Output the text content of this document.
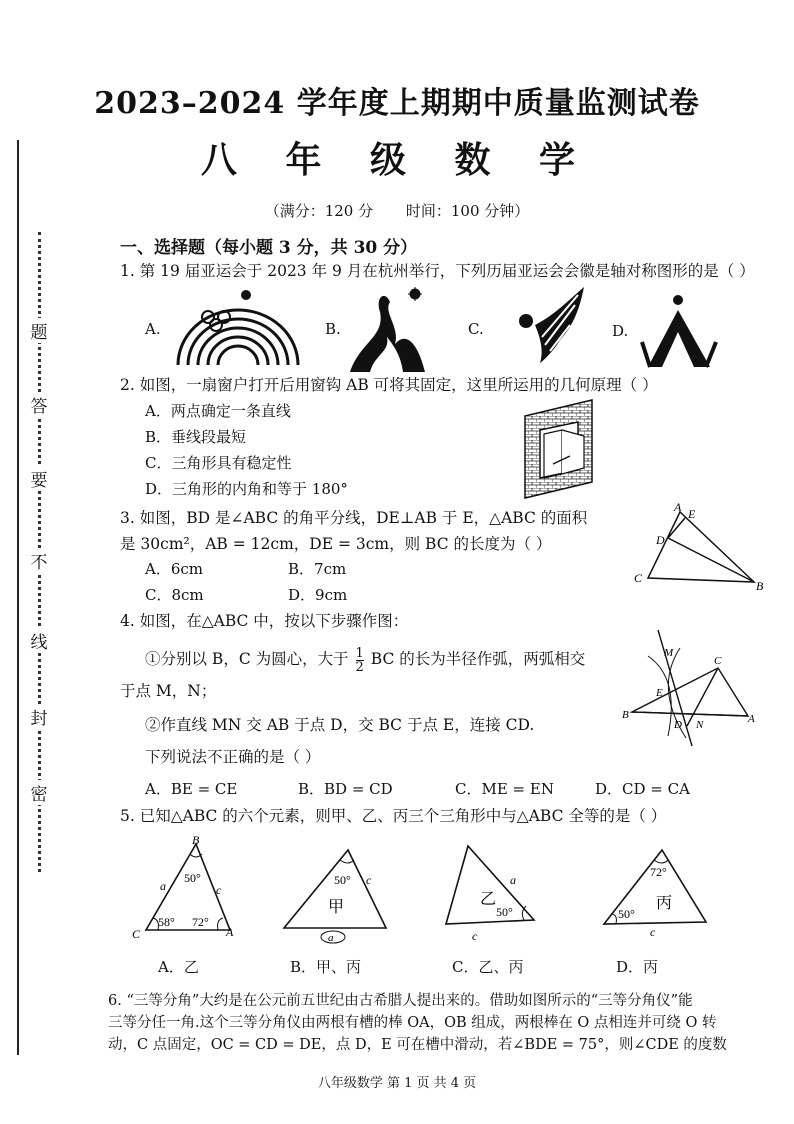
题
答
要
不
线
封
密
2023–2024 学年度上期期中质量监测试卷
八 年 级 数 学
（满分：120 分 时间：100 分钟）
一、选择题（每小题 3 分，共 30 分）
1. 第 19 届亚运会于 2023 年 9 月在杭州举行，下列历届亚运会会徽是轴对称图形的是（ ）
A.	B.	C.	D.
2. 如图，一扇窗户打开后用窗钩 AB 可将其固定，这里所运用的几何原理（ ）
A．两点确定一条直线
B．垂线段最短
C．三角形具有稳定性
D．三角形的内角和等于 180°
3. 如图，BD 是∠ABC 的角平分线，DE⊥AB 于 E，△ABC 的面积
是 30cm²，AB = 12cm，DE = 3cm，则 BC 的长度为（ ）
A．6cm	B．7cm
C．8cm	D．9cm
A E
D
C
B
4. 如图，在△ABC 中，按以下步骤作图：
①分别以 B，C 为圆心，大于 $\frac{1}{2}$ BC 的长为半径作弧，两弧相交
于点 M，N；
②作直线 MN 交 AB 于点 D，交 BC 于点 E，连接 CD.
下列说法不正确的是（ ）
A．BE = CE	B．BD = CD	C．ME = EN	D．CD = CA
M
C
E
B
D N	A
5. 已知△ABC 的六个元素，则甲、乙、丙三个三角形中与△ABC 全等的是（ ）
B
C	A
a	c
50°
58° 72°
50° c
甲
a
乙
50°
a
c
72°
50°
丙
c
A．乙	B．甲、丙	C．乙、丙	D．丙
6. “三等分角”大约是在公元前五世纪由古希腊人提出来的。借助如图所示的“三等分角仪”能
三等分任一角.这个三等分角仪由两根有槽的棒 OA，OB 组成，两根棒在 O 点相连并可绕 O 转
动，C 点固定，OC = CD = DE，点 D，E 可在槽中滑动，若∠BDE = 75°，则∠CDE 的度数
八年级数学 第 1 页 共 4 页
